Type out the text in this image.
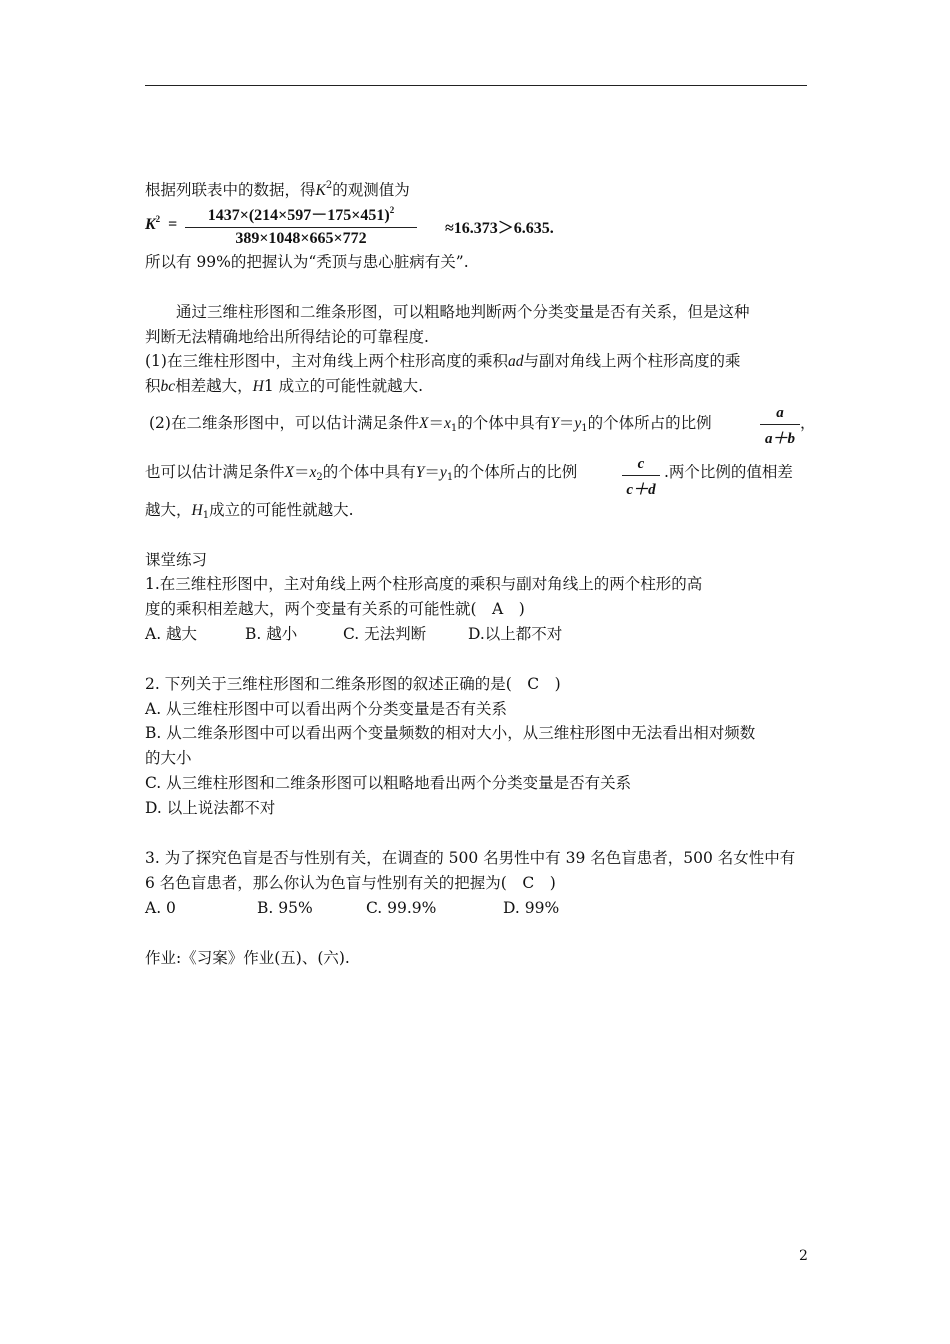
根据列联表中的数据，得$K^2$的观测值为
$K^2 = \frac{1437\times(214\times 597-175\times 451)^2}{389\times 1048\times 665\times 772} \approx 16.373>6.635$.
所以有 99%的把握认为“秃顶与患心脏病有关”.
通过三维柱形图和二维条形图，可以粗略地判断两个分类变量是否有关系，但是这种
判断无法精确地给出所得结论的可靠程度.
(1)在三维柱形图中，主对角线上两个柱形高度的乘积ad与副对角线上两个柱形高度的乘
积bc相差越大，H1 成立的可能性就越大.
(2)在二维条形图中，可以估计满足条件$X=x_1$的个体中具有$Y=y_1$的个体所占的比例	$\frac{a}{a+b}$ ，
也可以估计满足条件$X=x_2$的个体中具有$Y=y_1$的个体所占的比例	$\frac{c}{c+d}$ .两个比例的值相差
越大，$H_1$成立的可能性就越大.
课堂练习
1.在三维柱形图中，主对角线上两个柱形高度的乘积与副对角线上的两个柱形的高
度的乘积相差越大，两个变量有关系的可能性就(　A　)
A. 越大	B. 越小	C. 无法判断	D.以上都不对
2. 下列关于三维柱形图和二维条形图的叙述正确的是(　C　)
A. 从三维柱形图中可以看出两个分类变量是否有关系
B. 从二维条形图中可以看出两个变量频数的相对大小，从三维柱形图中无法看出相对频数
的大小
C. 从三维柱形图和二维条形图可以粗略地看出两个分类变量是否有关系
D. 以上说法都不对
3. 为了探究色盲是否与性别有关，在调查的 500 名男性中有 39 名色盲患者，500 名女性中有
6 名色盲患者，那么你认为色盲与性别有关的把握为(　C　)
A. 0	B. 95%	C. 99.9%	D. 99%
作业:《习案》作业(五)、(六).
2
